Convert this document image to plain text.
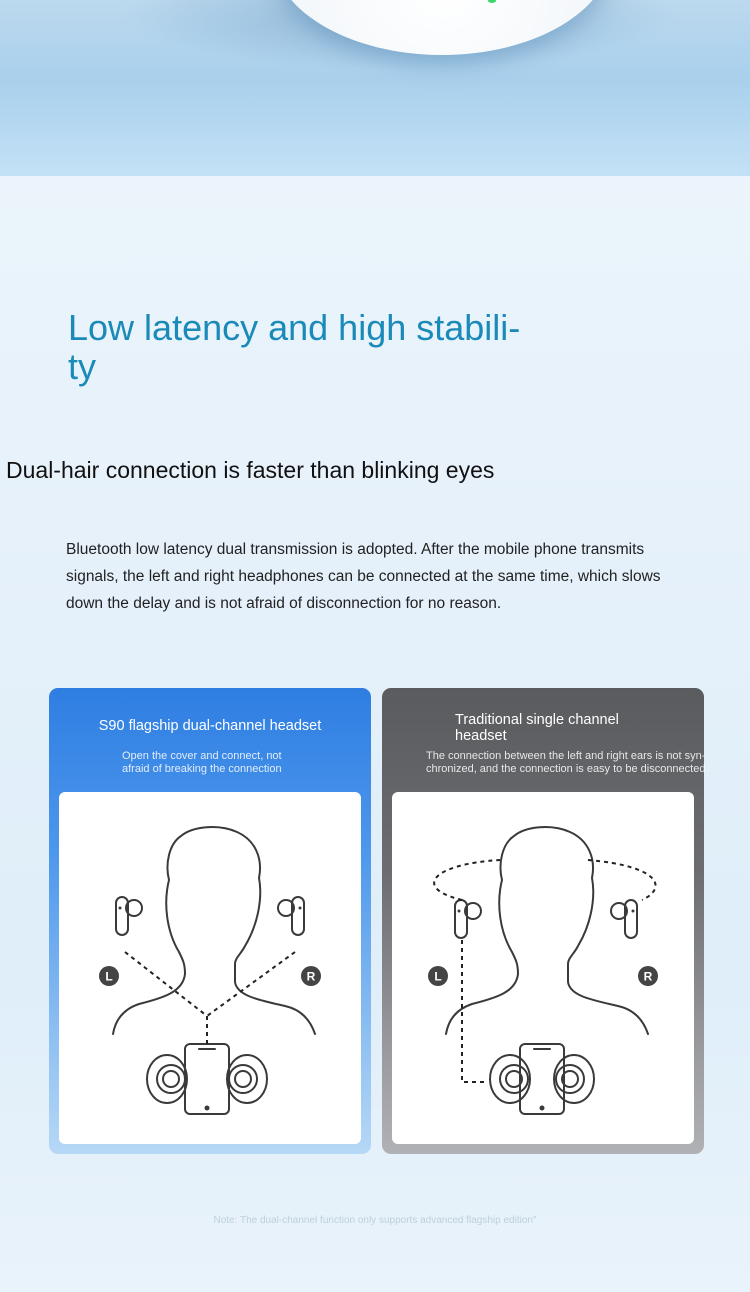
Low latency and high stabili-
ty
Dual-hair connection is faster than blinking eyes

Bluetooth low latency dual transmission is adopted. After the mobile phone transmits signals, the left and right headphones can be connected at the same time, which slows down the delay and is not afraid of disconnection for no reason.

L	R
S90 flagship dual-channel headset

Open the cover and connect, not
afraid of breaking the connection

L	R
Traditional single channel headset

The connection between the left and right ears is not syn-
chronized, and the connection is easy to be disconnected.

Note: The dual-channel function only supports advanced flagship edition"
